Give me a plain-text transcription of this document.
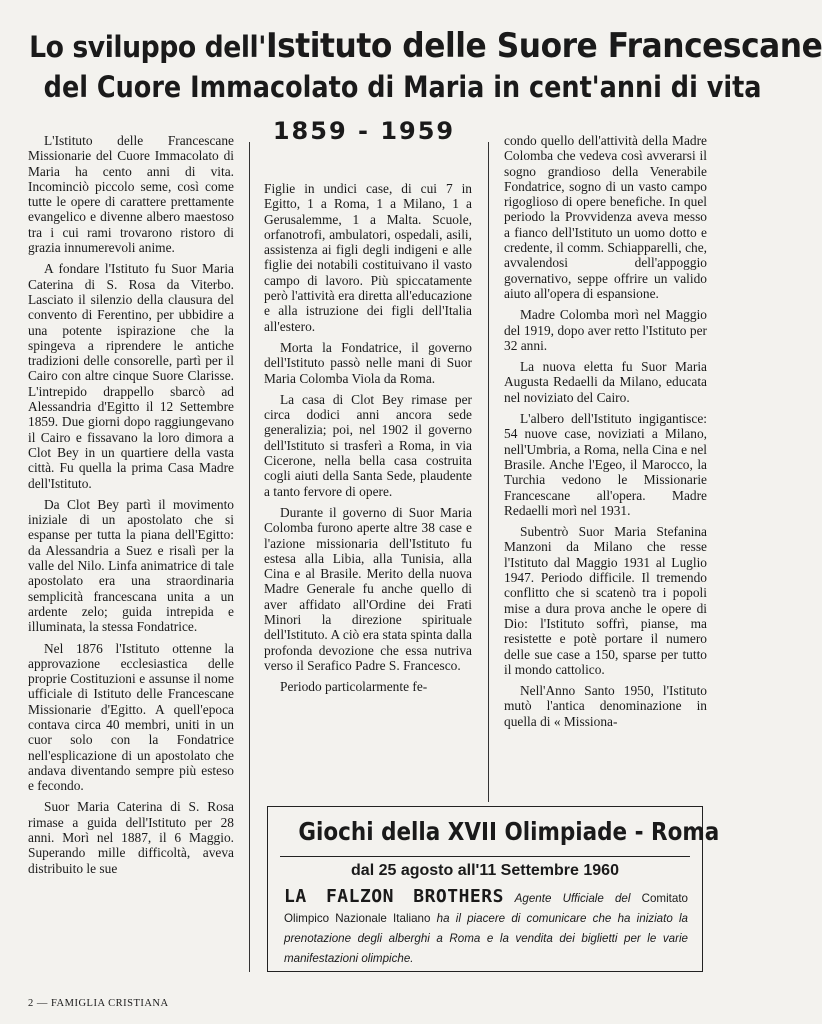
Lo sviluppo dell'Istituto delle Suore Francescane
del Cuore Immacolato di Maria in cent'anni di vita
1859 - 1959

L'Istituto delle Francescane Missionarie del Cuore Immacolato di Maria ha cento anni di vita. Incominciò piccolo seme, così come tutte le opere di carattere prettamente evangelico e divenne albero maestoso tra i cui rami trovarono ristoro di grazia innumerevoli anime.

A fondare l'Istituto fu Suor Maria Caterina di S. Rosa da Viterbo. Lasciato il silenzio della clausura del convento di Ferentino, per ubbidire a una potente ispirazione che la spingeva a riprendere le antiche tradizioni delle consorelle, partì per il Cairo con altre cinque Suore Clarisse. L'intrepido drappello sbarcò ad Alessandria d'Egitto il 12 Settembre 1859. Due giorni dopo raggiungevano il Cairo e fissavano la loro dimora a Clot Bey in un quartiere della vasta città. Fu quella la prima Casa Madre dell'Istituto.

Da Clot Bey partì il movimento iniziale di un apostolato che si espanse per tutta la piana dell'Egitto: da Alessandria a Suez e risalì per la valle del Nilo. Linfa animatrice di tale apostolato era una straordinaria semplicità francescana unita a un ardente zelo; guida intrepida e illuminata, la stessa Fondatrice.

Nel 1876 l'Istituto ottenne la approvazione ecclesiastica delle proprie Costituzioni e assunse il nome ufficiale di Istituto delle Francescane Missionarie d'Egitto. A quell'epoca contava circa 40 membri, uniti in un cuor solo con la Fondatrice nell'esplicazione di un apostolato che andava diventando sempre più esteso e fecondo.

Suor Maria Caterina di S. Rosa rimase a guida dell'Istituto per 28 anni. Morì nel 1887, il 6 Maggio. Superando mille difficoltà, aveva distribuito le sue

Figlie in undici case, di cui 7 in Egitto, 1 a Roma, 1 a Milano, 1 a Gerusalemme, 1 a Malta. Scuole, orfanotrofi, ambulatori, ospedali, asili, assistenza ai figli degli indigeni e alle figlie dei notabili costituivano il vasto campo di lavoro. Più spiccatamente però l'attività era diretta all'educazione e alla istruzione dei figli dell'Italia all'estero.

Morta la Fondatrice, il governo dell'Istituto passò nelle mani di Suor Maria Colomba Viola da Roma.

La casa di Clot Bey rimase per circa dodici anni ancora sede generalizia; poi, nel 1902 il governo dell'Istituto si trasferì a Roma, in via Cicerone, nella bella casa costruita cogli aiuti della Santa Sede, plaudente a tanto fervore di opere.

Durante il governo di Suor Maria Colomba furono aperte altre 38 case e l'azione missionaria dell'Istituto fu estesa alla Libia, alla Tunisia, alla Cina e al Brasile. Merito della nuova Madre Generale fu anche quello di aver affidato all'Ordine dei Frati Minori la direzione spirituale dell'Istituto. A ciò era stata spinta dalla profonda devozione che essa nutriva verso il Serafico Padre S. Francesco.

Periodo particolarmente fe-

condo quello dell'attività della Madre Colomba che vedeva così avverarsi il sogno grandioso della Venerabile Fondatrice, sogno di un vasto campo rigoglioso di opere benefiche. In quel periodo la Provvidenza aveva messo a fianco dell'Istituto un uomo dotto e credente, il comm. Schiapparelli, che, avvalendosi dell'appoggio governativo, seppe offrire un valido aiuto all'opera di espansione.

Madre Colomba morì nel Maggio del 1919, dopo aver retto l'Istituto per 32 anni.

La nuova eletta fu Suor Maria Augusta Redaelli da Milano, educata nel noviziato del Cairo.

L'albero dell'Istituto ingigantisce: 54 nuove case, noviziati a Milano, nell'Umbria, a Roma, nella Cina e nel Brasile. Anche l'Egeo, il Marocco, la Turchia vedono le Missionarie Francescane all'opera. Madre Redaelli morì nel 1931.

Subentrò Suor Maria Stefanina Manzoni da Milano che resse l'Istituto dal Maggio 1931 al Luglio 1947. Periodo difficile. Il tremendo conflitto che si scatenò tra i popoli mise a dura prova anche le opere di Dio: l'Istituto soffrì, pianse, ma resistette e potè portare il numero delle sue case a 150, sparse per tutto il mondo cattolico.

Nell'Anno Santo 1950, l'Istituto mutò l'antica denominazione in quella di « Missiona-

Giochi della XVII Olimpiade - Roma
dal 25 agosto all'11 Settembre 1960
LA FALZON BROTHERS Agente Ufficiale del Comitato Olimpico Nazionale Italiano ha il piacere di comunicare che ha iniziato la prenotazione degli alberghi a Roma e la vendita dei biglietti per le varie manifestazioni olimpiche.
2 — FAMIGLIA CRISTIANA
